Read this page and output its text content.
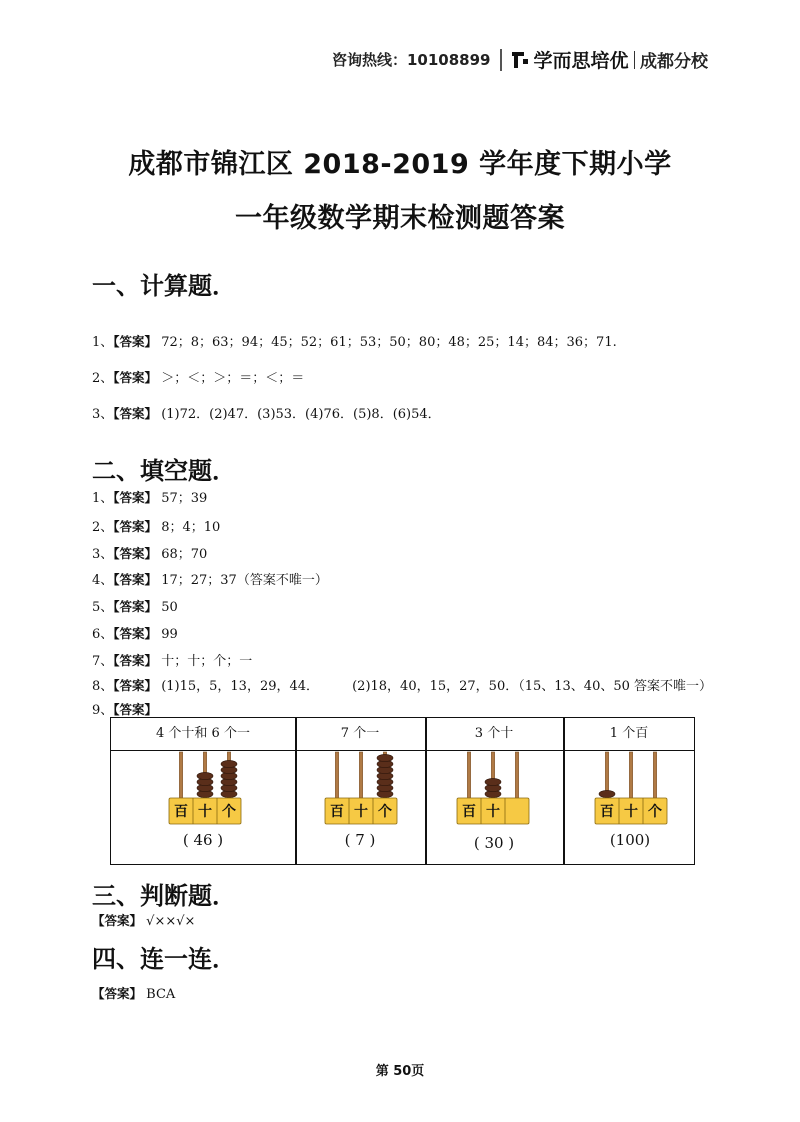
咨询热线：10108899 学而思培优 成都分校
成都市锦江区 2018-2019 学年度下期小学
一年级数学期末检测题答案
一、计算题．
1、【答案】 72；8；63；94；45；52；61；53；50；80；48；25；14；84；36；71.
2、【答案】 ＞；＜；＞；＝；＜；＝
3、【答案】 (1)72．(2)47．(3)53．(4)76．(5)8．(6)54．
二、填空题．
1、【答案】 57；39
2、【答案】 8；4；10
3、【答案】 68；70
4、【答案】 17；27；37（答案不唯一）
5、【答案】 50
6、【答案】 99
7、【答案】 十；十；个；一
8、【答案】 (1)15，5，13，29，44．        (2)18，40，15，27，50．（15、13、40、50 答案不唯一）
9、【答案】
4 个十和 6 个一	7 个一	3 个十	1 个百
百 十 个	百 十 个	百 十	百 十 个
( 46 )	( 7 )	( 30 )	(100)
三、判断题．
【答案】 √××√×
四、连一连．
【答案】 BCA
第 50页
